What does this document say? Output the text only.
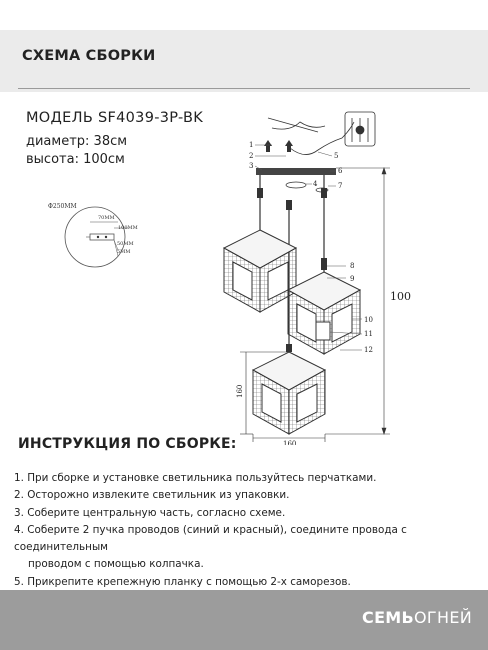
СХЕМА СБОРКИ
МОДЕЛЬ SF4039-3P-BK
диаметр: 38см
высота: 100см
Φ250MM
70MM
100MM
50MM
5MM
100
160
160
1
2
3
4
5
6
7
8
9
10
11
12
ИНСТРУКЦИЯ ПО СБОРКЕ:
1. При сборке и установке светильника пользуйтесь перчатками.
2. Осторожно извлеките светильник из упаковки.
3. Соберите центральную часть, согласно схеме.
4. Соберите 2 пучка проводов (синий и красный), соедините провода с соединительным
проводом с помощью колпачка.
5. Прикрепите крепежную планку с помощью 2-х саморезов.
СЕМЬОГНЕЙ
